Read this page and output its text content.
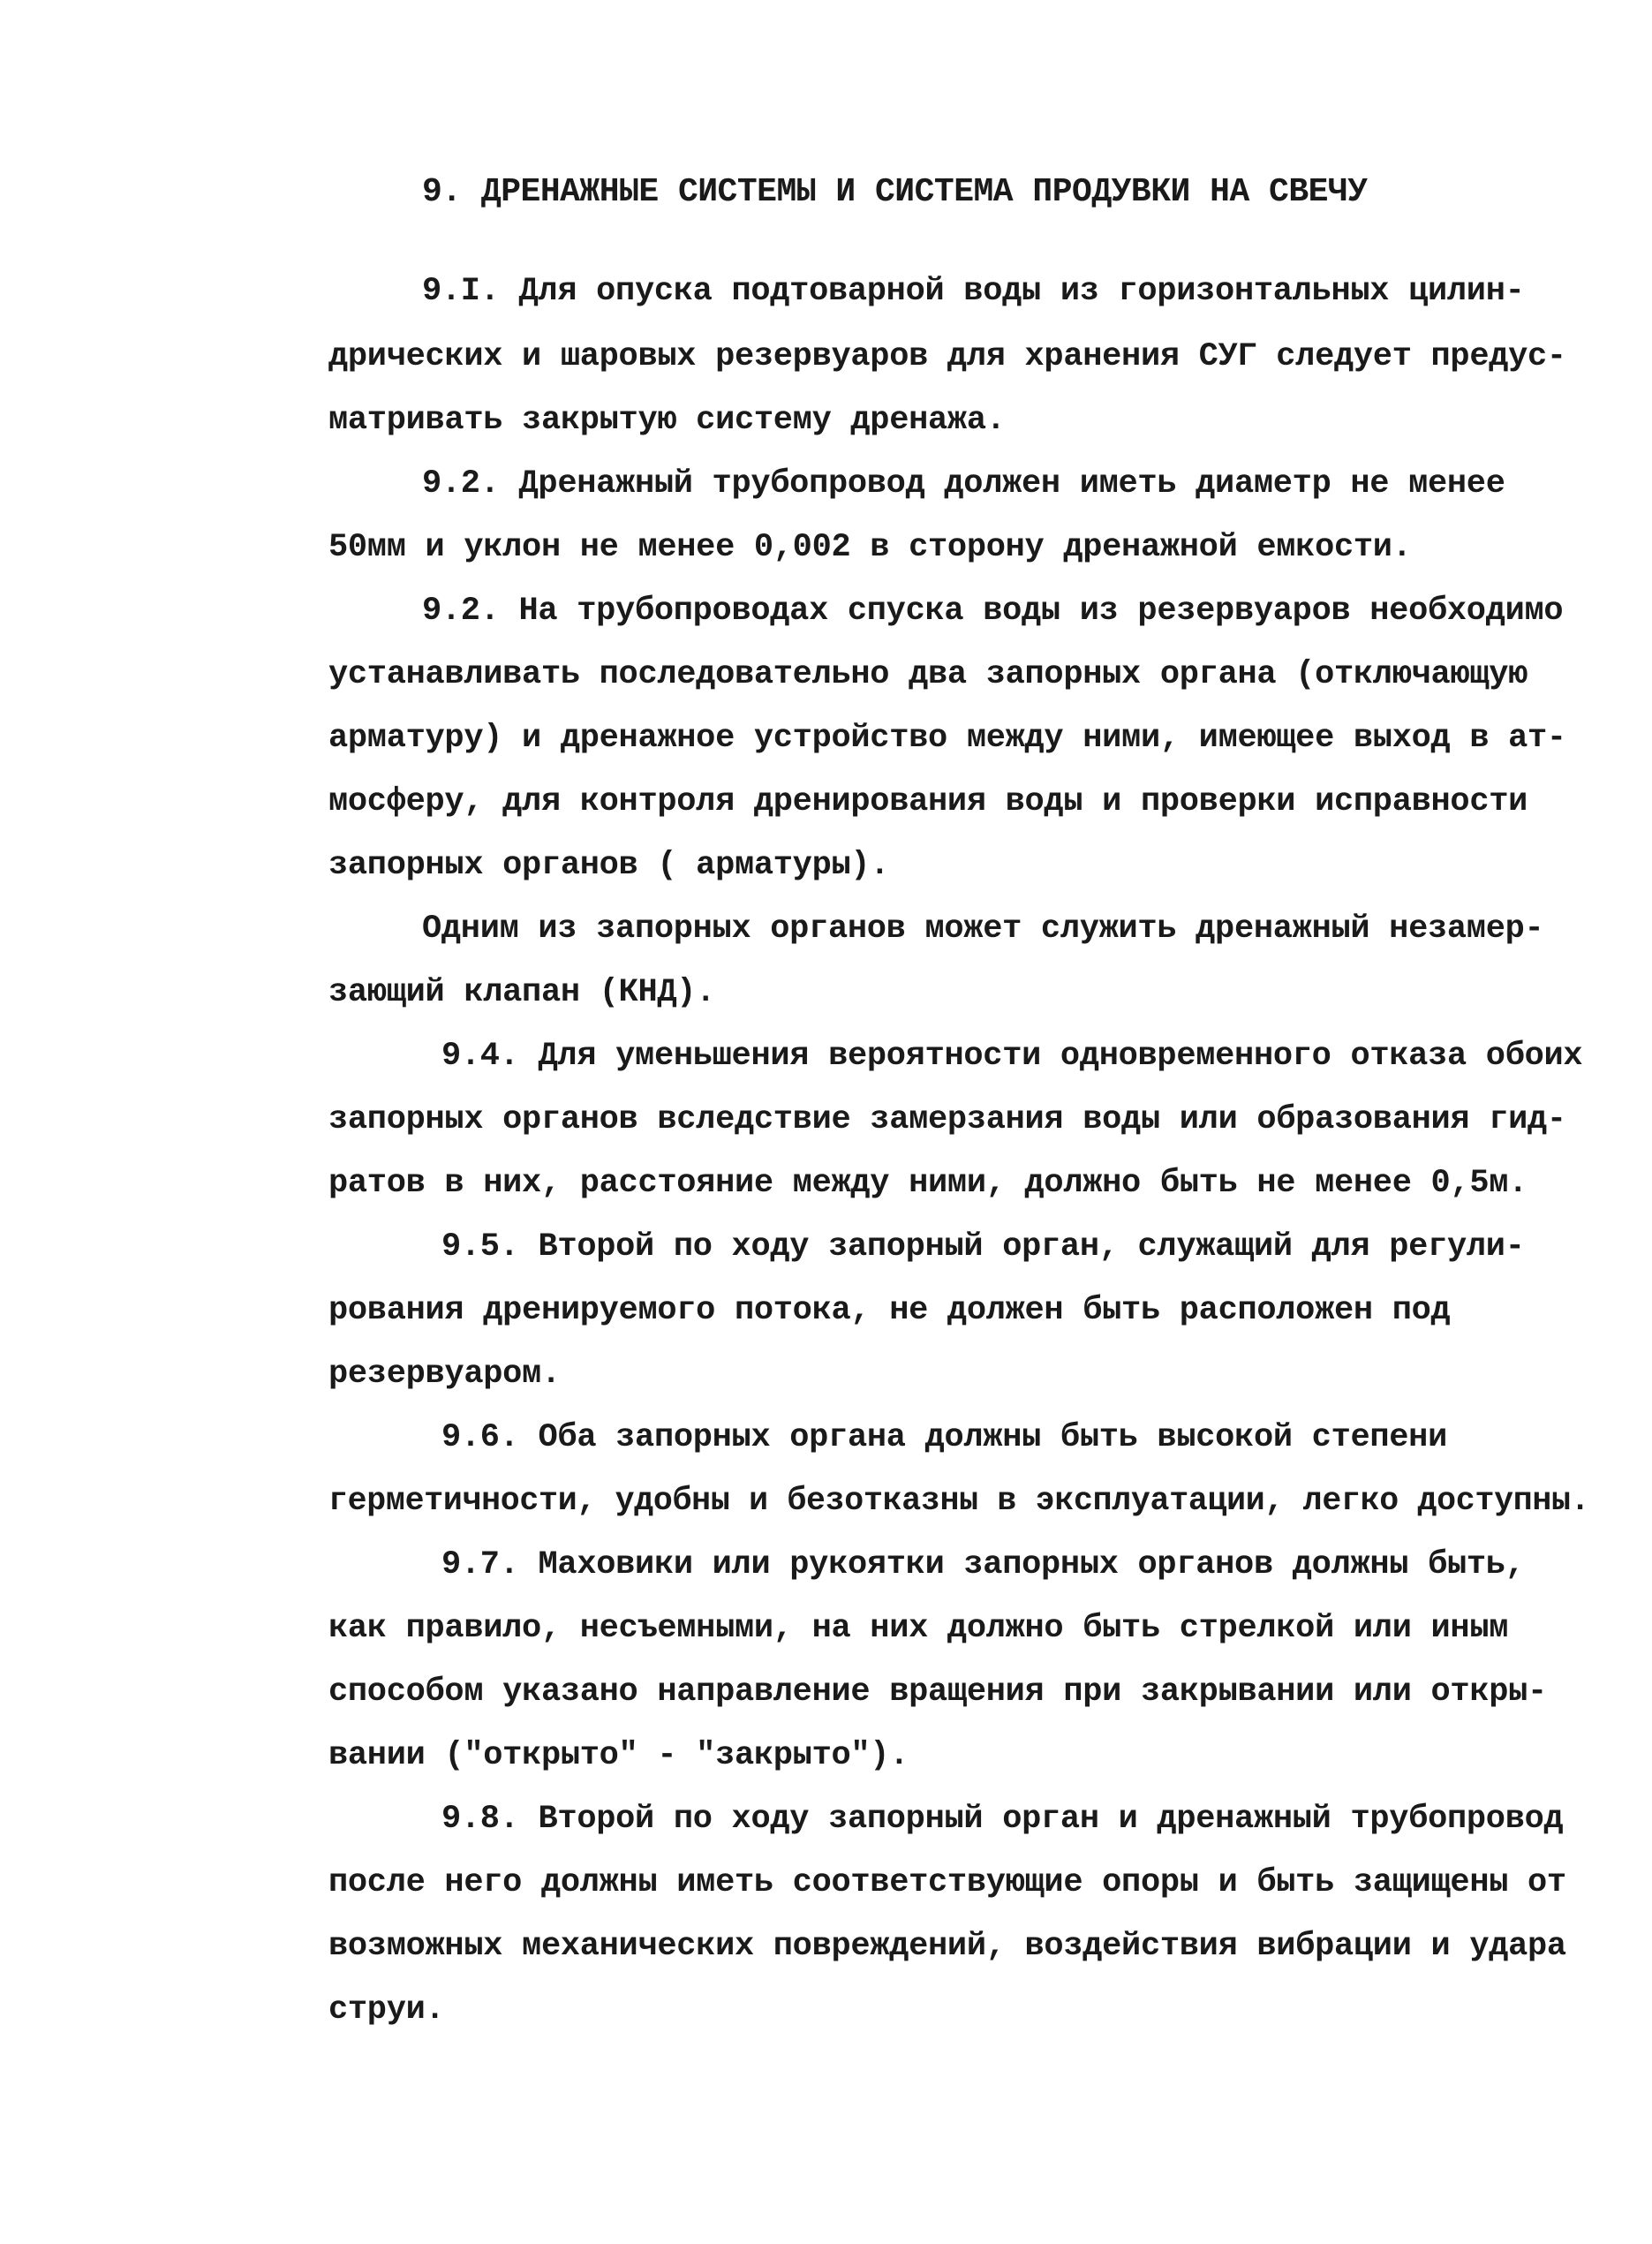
9. ДРЕНАЖНЫЕ СИСТЕМЫ И СИСТЕМА ПРОДУВКИ НА СВЕЧУ
9.I. Для опуска подтоварной воды из горизонтальных цилин-
дрических и шаровых резервуаров для хранения СУГ следует предус-
матривать закрытую систему дренажа.
9.2. Дренажный трубопровод должен иметь диаметр не менее
50мм и уклон не менее 0,002 в сторону дренажной емкости.
9.2. На трубопроводах спуска воды из резервуаров необходимо
устанавливать последовательно два запорных органа (отключающую
арматуру) и дренажное устройство между ними, имеющее выход в ат-
мосферу, для контроля дренирования воды и проверки исправности
запорных органов ( арматуры).
Одним из запорных органов может служить дренажный незамер-
зающий клапан (КНД).
9.4. Для уменьшения вероятности одновременного отказа обоих
запорных органов вследствие замерзания воды или образования гид-
ратов в них, расстояние между ними, должно быть не менее 0,5м.
9.5. Второй по ходу запорный орган, служащий для регули-
рования дренируемого потока, не должен быть расположен под
резервуаром.
9.6. Оба запорных органа должны быть высокой степени
герметичности, удобны и безотказны в эксплуатации, легко доступны.
9.7. Маховики или рукоятки запорных органов должны быть,
как правило, несъемными, на них должно быть стрелкой или иным
способом указано направление вращения при закрывании или откры-
вании ("открыто" - "закрыто").
9.8. Второй по ходу запорный орган и дренажный трубопровод
после него должны иметь соответствующие опоры и быть защищены от
возможных механических повреждений, воздействия вибрации и удара
струи.
